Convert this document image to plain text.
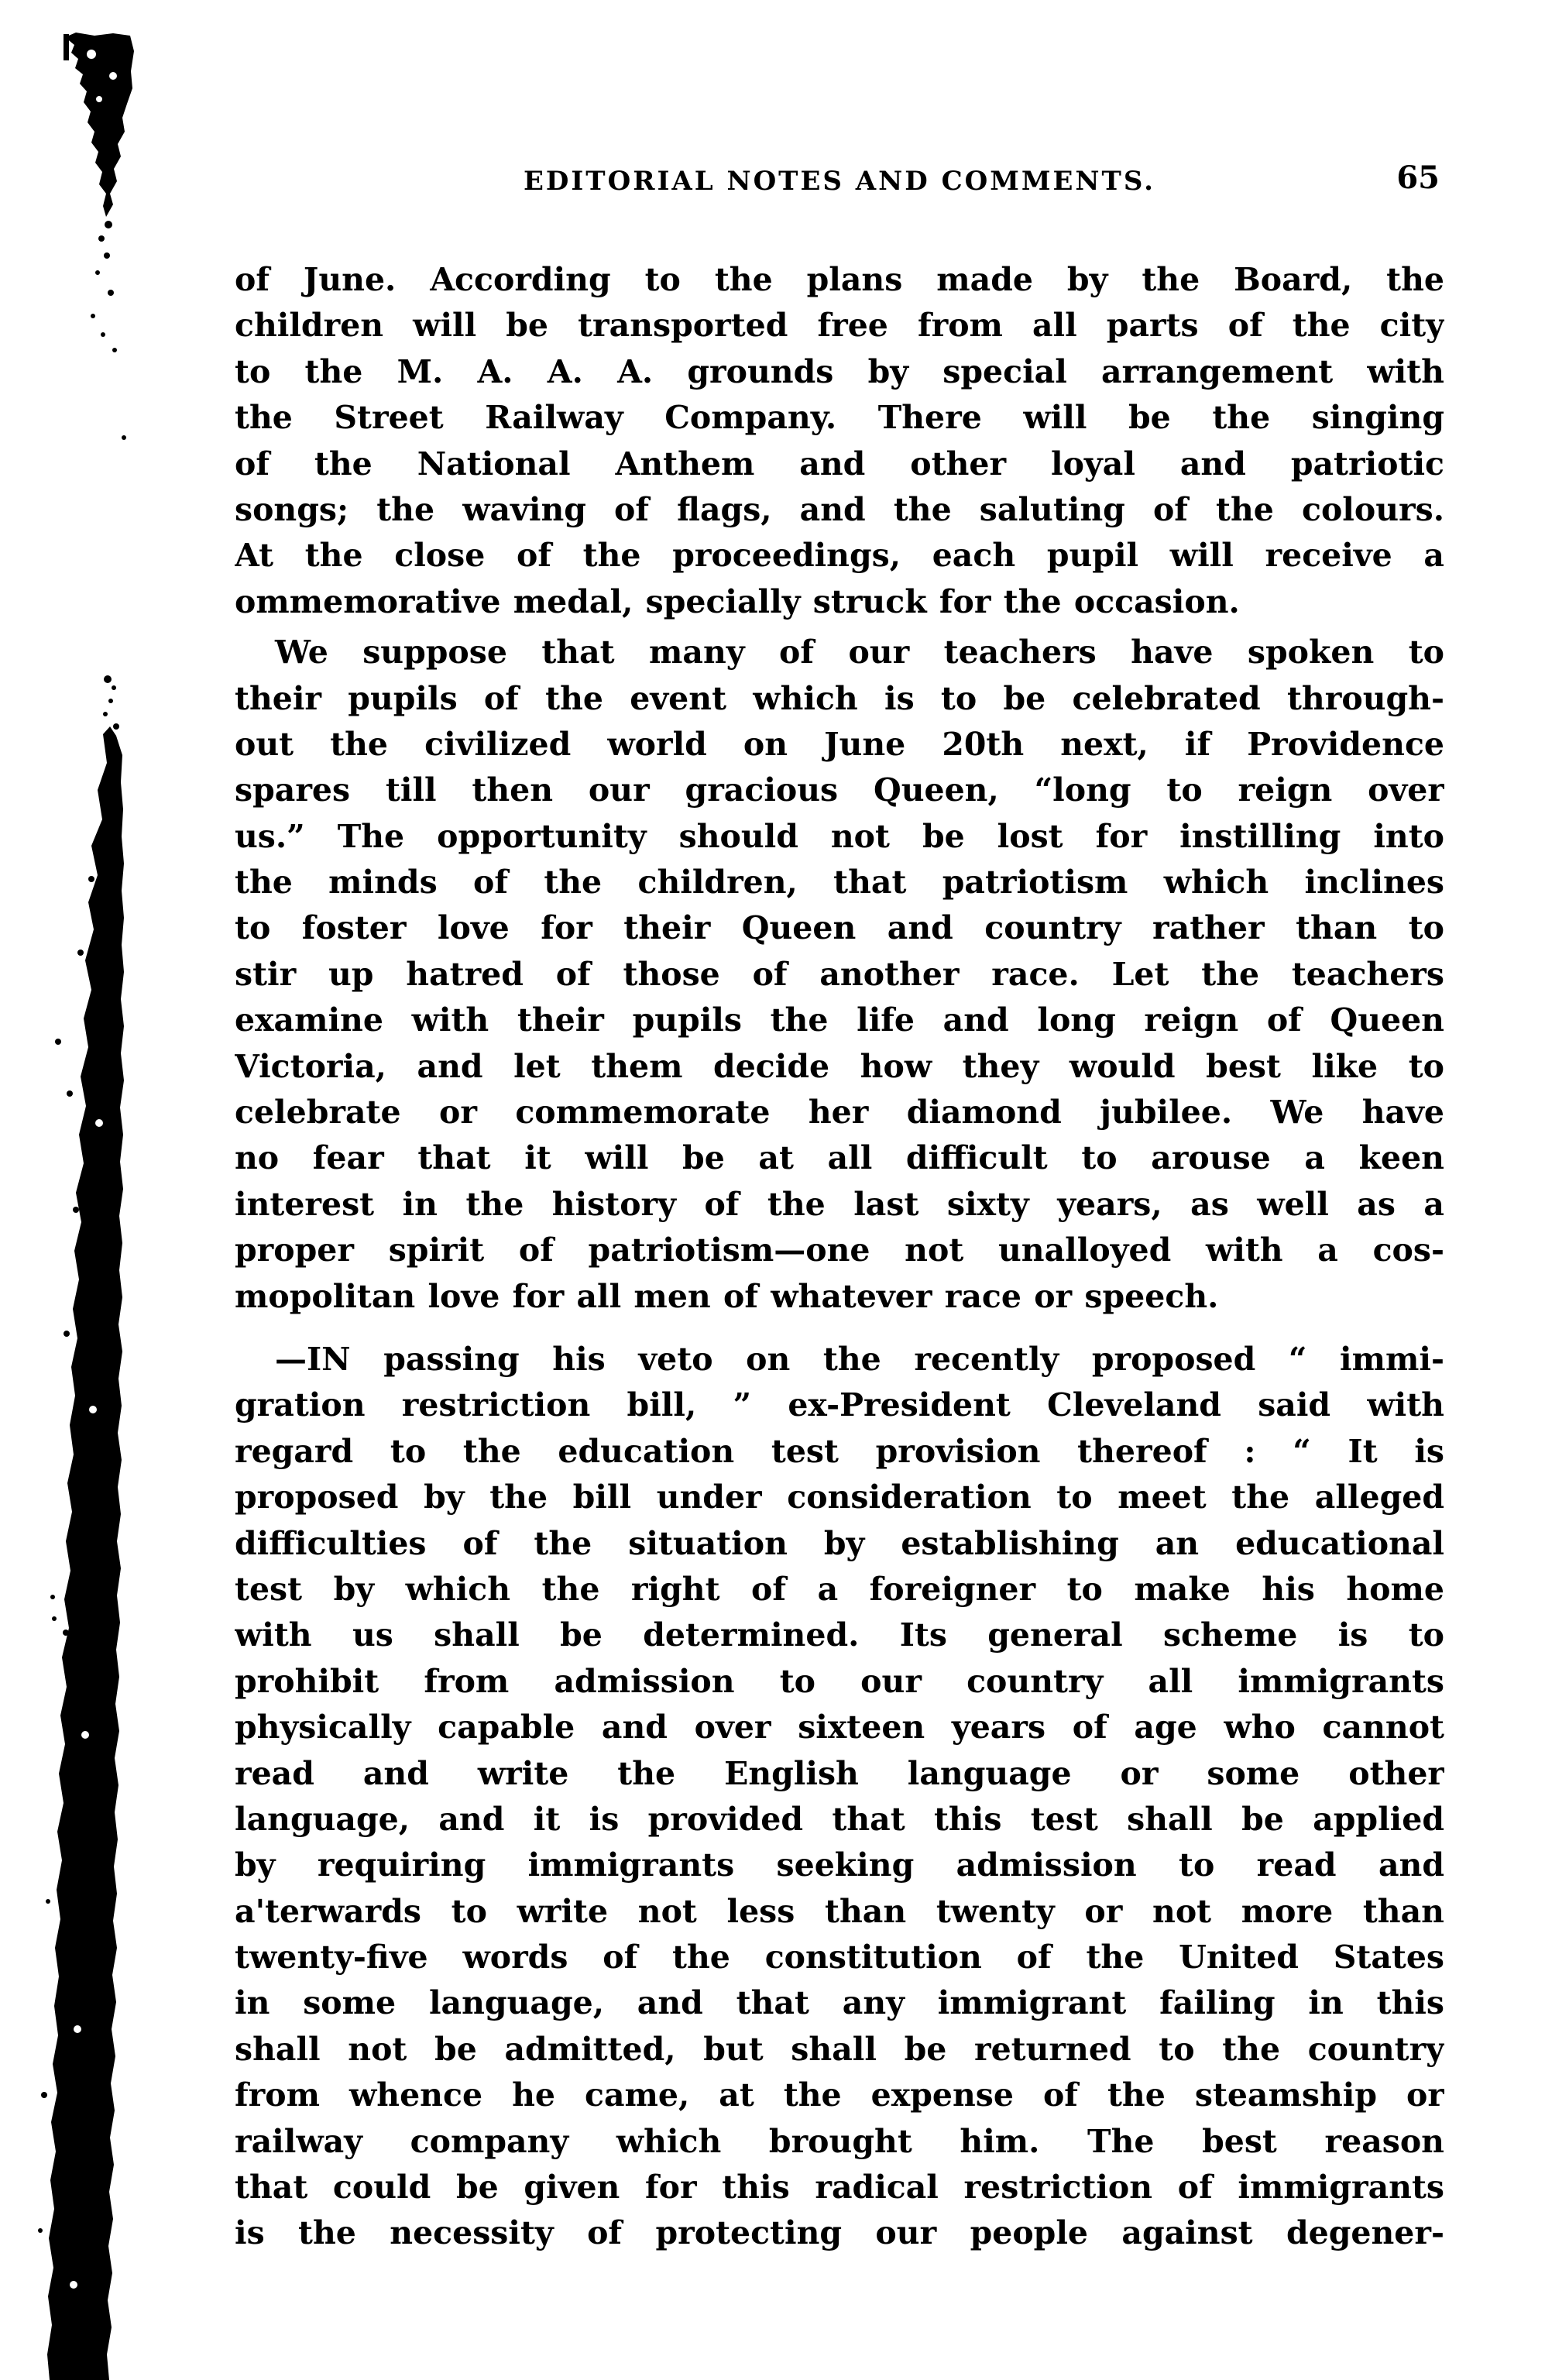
EDITORIAL NOTES AND COMMENTS.	65
of June. According to the plans made by the Board, the
children will be transported free from all parts of the city
to the M. A. A. A. grounds by special arrangement with
the Street Railway Company. There will be the singing
of the National Anthem and other loyal and patriotic
songs; the waving of flags, and the saluting of the colours.
At the close of the proceedings, each pupil will receive a
ommemorative medal, specially struck for the occasion.
We suppose that many of our teachers have spoken to
their pupils of the event which is to be celebrated through-
out the civilized world on June 20th next, if Providence
spares till then our gracious Queen, “long to reign over
us.” The opportunity should not be lost for instilling into
the minds of the children, that patriotism which inclines
to foster love for their Queen and country rather than to
stir up hatred of those of another race. Let the teachers
examine with their pupils the life and long reign of Queen
Victoria, and let them decide how they would best like to
celebrate or commemorate her diamond jubilee. We have
no fear that it will be at all difficult to arouse a keen
interest in the history of the last sixty years, as well as a
proper spirit of patriotism—one not unalloyed with a cos-
mopolitan love for all men of whatever race or speech.
—IN passing his veto on the recently proposed “ immi-
gration restriction bill, ” ex-President Cleveland said with
regard to the education test provision thereof : “ It is
proposed by the bill under consideration to meet the alleged
difficulties of the situation by establishing an educational
test by which the right of a foreigner to make his home
with us shall be determined. Its general scheme is to
prohibit from admission to our country all immigrants
physically capable and over sixteen years of age who cannot
read and write the English language or some other
language, and it is provided that this test shall be applied
by requiring immigrants seeking admission to read and
a'terwards to write not less than twenty or not more than
twenty-five words of the constitution of the United States
in some language, and that any immigrant failing in this
shall not be admitted, but shall be returned to the country
from whence he came, at the expense of the steamship or
railway company which brought him. The best reason
that could be given for this radical restriction of immigrants
is the necessity of protecting our people against degener-
